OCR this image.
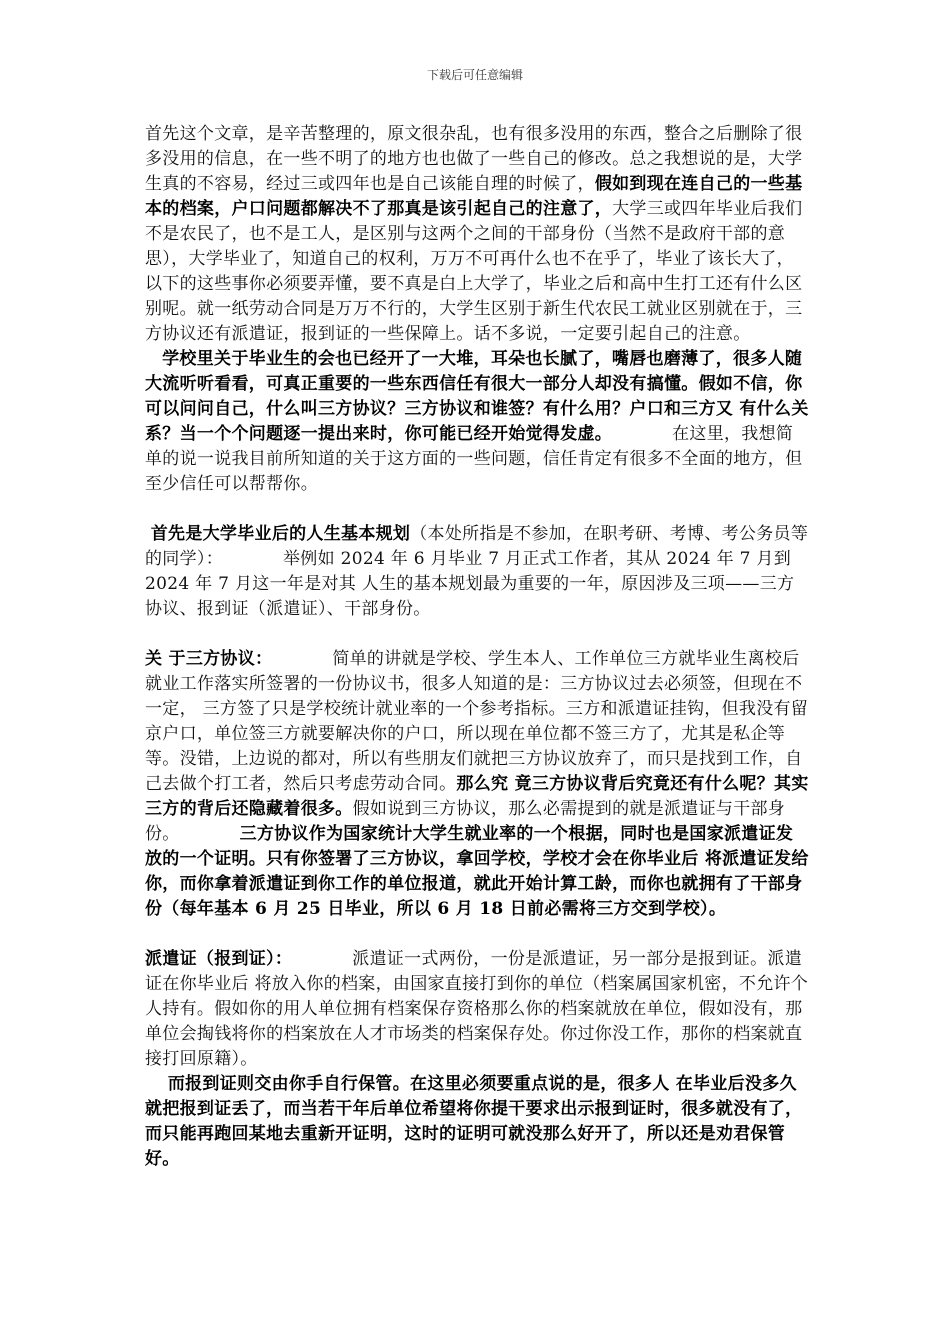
下载后可任意编辑

首先这个文章，是辛苦整理的，原文很杂乱，也有很多没用的东西，整合之后删除了很多没用的信息，在一些不明了的地方也也做了一些自己的修改。总之我想说的是，大学生真的不容易，经过三或四年也是自己该能自理的时候了，假如到现在连自己的一些基本的档案，户口问题都解决不了那真是该引起自己的注意了，大学三或四年毕业后我们不是农民了，也不是工人，是区别与这两个之间的干部身份（当然不是政府干部的意思），大学毕业了，知道自己的权利，万万不可再什么也不在乎了，毕业了该长大了，以下的这些事你必须要弄懂，要不真是白上大学了，毕业之后和高中生打工还有什么区别呢。就一纸劳动合同是万万不行的，大学生区别于新生代农民工就业区别就在于，三方协议还有派遣证，报到证的一些保障上。话不多说，一定要引起自己的注意。

学校里关于毕业生的会也已经开了一大堆，耳朵也长腻了，嘴唇也磨薄了，很多人随 大流听听看看，可真正重要的一些东西信任有很大一部分人却没有搞懂。假如不信，你可以问问自己，什么叫三方协议？三方协议和谁签？有什么用？户口和三方又 有什么关系？当一个个问题逐一提出来时，你可能已经开始觉得发虚。	在这里，我想简单的说一说我目前所知道的关于这方面的一些问题，信任肯定有很多不全面的地方，但至少信任可以帮帮你。

首先是大学毕业后的人生基本规划（本处所指是不参加，在职考研、考博、考公务员等的同学）：	举例如 2024 年 6 月毕业 7 月正式工作者，其从 2024 年 7 月到 2024 年 7 月这一年是对其 人生的基本规划最为重要的一年，原因涉及三项——三方协议、报到证（派遣证）、干部身份。

关 于三方协议：	简单的讲就是学校、学生本人、工作单位三方就毕业生离校后就业工作落实所签署的一份协议书，很多人知道的是：三方协议过去必须签，但现在不一定， 三方签了只是学校统计就业率的一个参考指标。三方和派遣证挂钩，但我没有留京户口，单位签三方就要解决你的户口，所以现在单位都不签三方了，尤其是私企等 等。没错，上边说的都对，所以有些朋友们就把三方协议放弃了，而只是找到工作，自己去做个打工者，然后只考虑劳动合同。那么究 竟三方协议背后究竟还有什么呢？其实三方的背后还隐藏着很多。假如说到三方协议，那么必需提到的就是派遣证与干部身份。	三方协议作为国家统计大学生就业率的一个根据，同时也是国家派遣证发放的一个证明。只有你签署了三方协议，拿回学校，学校才会在你毕业后 将派遣证发给你，而你拿着派遣证到你工作的单位报道，就此开始计算工龄，而你也就拥有了干部身份（每年基本 6 月 25 日毕业，所以 6 月 18 日前必需将三方交到学校）。

派遣证（报到证）：	派遣证一式两份，一份是派遣证，另一部分是报到证。派遣证在你毕业后 将放入你的档案，由国家直接打到你的单位（档案属国家机密，不允许个人持有。假如你的用人单位拥有档案保存资格那么你的档案就放在单位，假如没有，那单位会掏钱将你的档案放在人才市场类的档案保存处。你过你没工作，那你的档案就直接打回原籍）。

而报到证则交由你手自行保管。在这里必须要重点说的是，很多人 在毕业后没多久就把报到证丢了，而当若干年后单位希望将你提干要求出示报到证时，很多就没有了，而只能再跑回某地去重新开证明，这时的证明可就没那么好开了，所以还是劝君保管好。
